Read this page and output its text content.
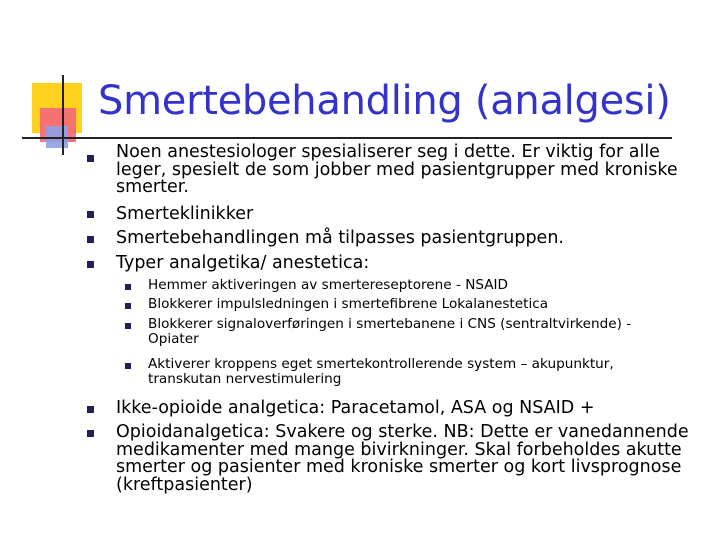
Smertebehandling (analgesi)
Noen anestesiologer spesialiserer seg i dette. Er viktig for alle leger, spesielt de som jobber med pasientgrupper med kroniske smerter.
Smerteklinikker
Smertebehandlingen må tilpasses pasientgruppen.
Typer analgetika/ anestetica:
Hemmer aktiveringen av smertereseptorene - NSAID
Blokkerer impulsledningen i smertefibrene Lokalanestetica
Blokkerer signaloverføringen i smertebanene i CNS (sentraltvirkende) - Opiater
Aktiverer kroppens eget smertekontrollerende system – akupunktur, transkutan nervestimulering
Ikke-opioide analgetica: Paracetamol, ASA og NSAID +
Opioidanalgetica: Svakere og sterke. NB: Dette er vanedannende medikamenter med mange bivirkninger. Skal forbeholdes akutte smerter og pasienter med kroniske smerter og kort livsprognose (kreftpasienter)
